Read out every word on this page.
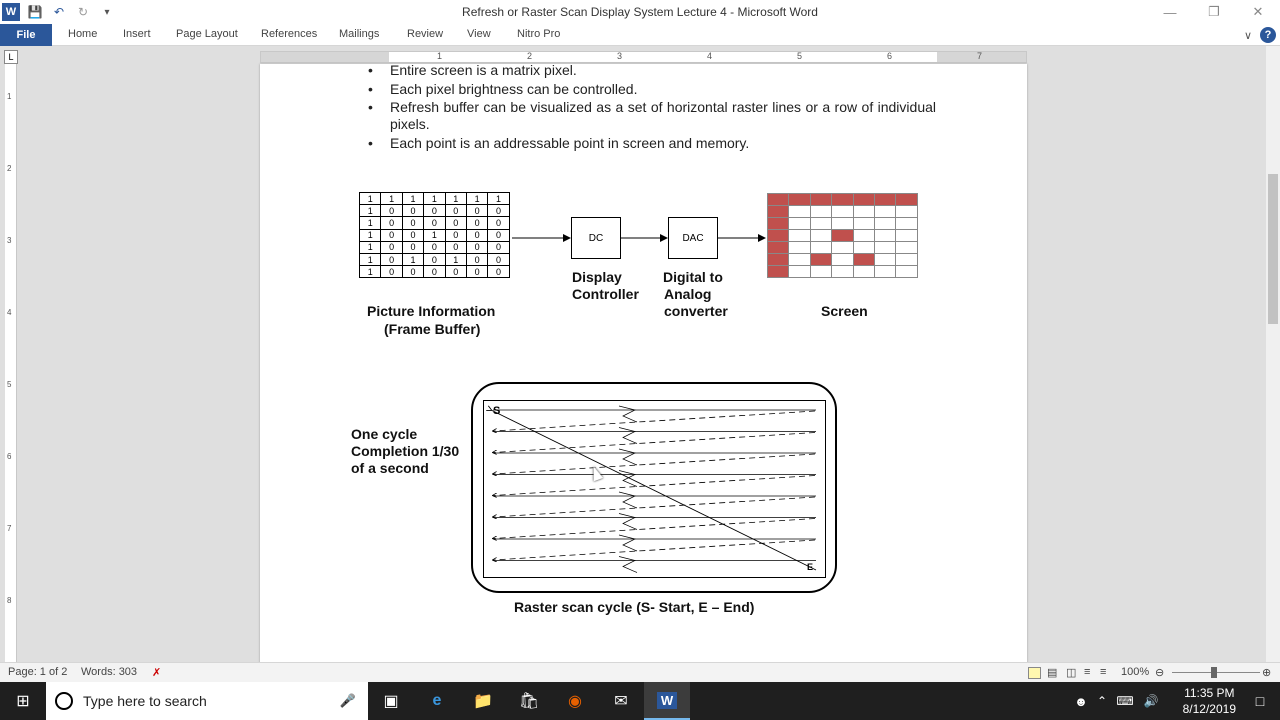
W 💾 ↶	↻	▾	Refresh or Raster Scan Display System Lecture 4 - Microsoft Word	—	❐	✕
File	Home Insert Page Layout References Mailings	Review View Nitro Pro	∨	?
L	1	2	3	4	5	6	7
1
2
3
4
5
6
7
8
• Entire screen is a matrix pixel.
• Each pixel brightness can be controlled.
• Refresh buffer can be visualized as a set of horizontal raster lines or a row of individual pixels.
• Each point is an addressable point in screen and memory.
1	1	1	1	1	1	1
1	0	0	0	0	0	0
1	0	0	0	0	0	0
1	0	0	1	0	0	0
1	0	0	0	0	0	0
1	0	1	0	1	0	0
1	0	0	0	0	0	0
DC	DAC

Picture Information
(Frame Buffer)
Display
Controller
Digital to
Analog
converter	Screen
One cycle
Completion 1/30
of a second
S
E
Raster scan cycle (S- Start, E – End)
Page: 1 of 2 Words: 303 ✗	▤ ◫ ≡ ≡ 100% ⊖	⊕
⊞	Type here to search	🎤	▣	e	📁	🛍	◉	✉	W	☻ ⌃ ⌨ 🔊
11:35 PM
8/12/2019	□
